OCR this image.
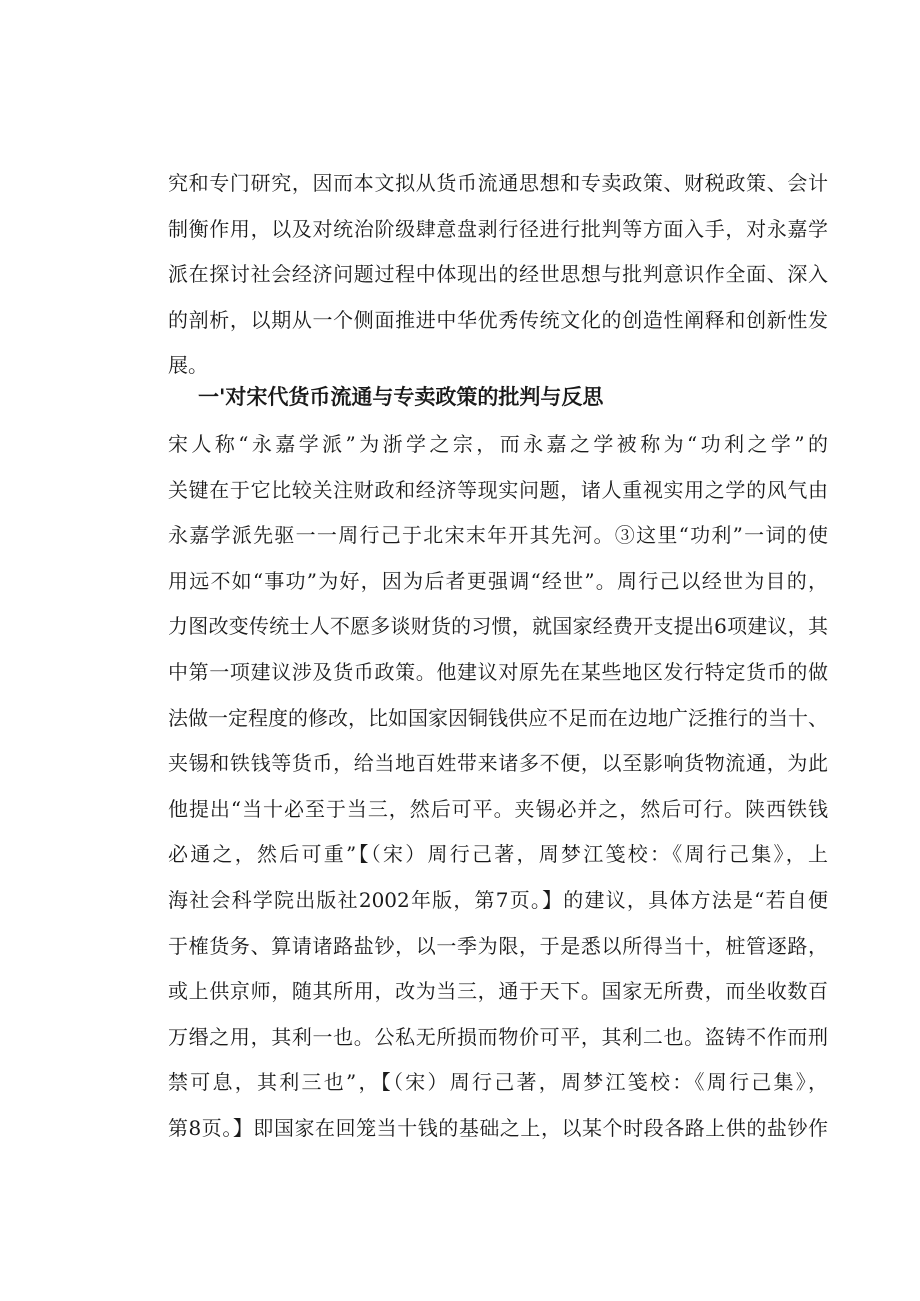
究和专门研究，因而本文拟从货币流通思想和专卖政策、财税政策、会计
制衡作用，以及对统治阶级肆意盘剥行径进行批判等方面入手，对永嘉学
派在探讨社会经济问题过程中体现出的经世思想与批判意识作全面、深入
的剖析，以期从一个侧面推进中华优秀传统文化的创造性阐释和创新性发
展。
一'对宋代货币流通与专卖政策的批判与反思
宋人称“永嘉学派”为浙学之宗，而永嘉之学被称为“功利之学”的
关键在于它比较关注财政和经济等现实问题，诸人重视实用之学的风气由
永嘉学派先驱一一周行己于北宋末年开其先河。③这里“功利”一词的使
用远不如“事功”为好，因为后者更强调“经世”。周行己以经世为目的，
力图改变传统士人不愿多谈财货的习惯，就国家经费开支提出6项建议，其
中第一项建议涉及货币政策。他建议对原先在某些地区发行特定货币的做
法做一定程度的修改，比如国家因铜钱供应不足而在边地广泛推行的当十、
夹锡和铁钱等货币，给当地百姓带来诸多不便，以至影响货物流通，为此
他提出“当十必至于当三，然后可平。夹锡必并之，然后可行。陕西铁钱
必通之，然后可重”【（宋）周行己著，周梦江笺校：《周行己集》，上
海社会科学院出版社2002年版，第7页。】的建议，具体方法是“若自便
于榷货务、算请诸路盐钞，以一季为限，于是悉以所得当十，桩管逐路，
或上供京师，随其所用，改为当三，通于天下。国家无所费，而坐收数百
万缗之用，其利一也。公私无所损而物价可平，其利二也。盗铸不作而刑
禁可息，其利三也”，【（宋）周行己著，周梦江笺校：《周行己集》，
第8页。】即国家在回笼当十钱的基础之上，以某个时段各路上供的盐钞作
